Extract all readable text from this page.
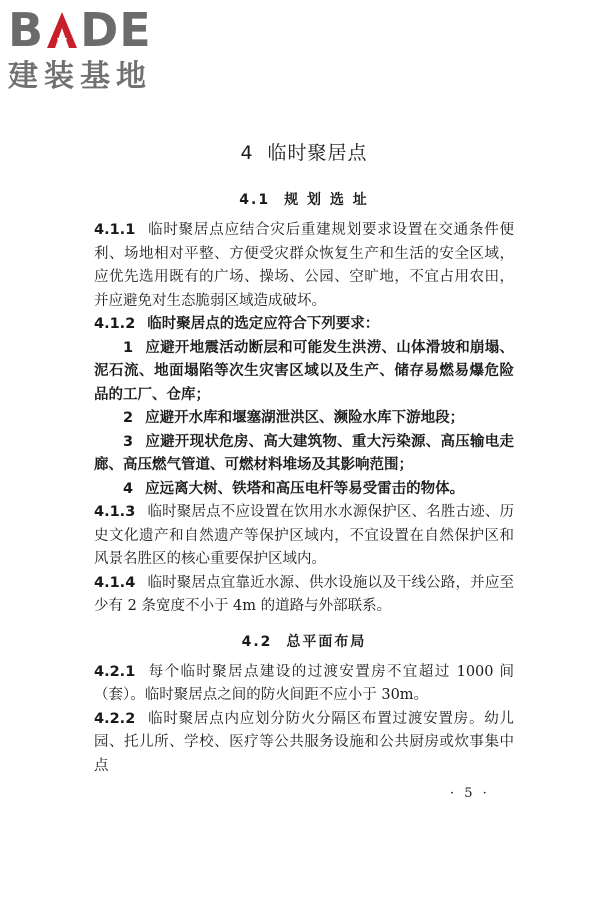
B DE
建装基地
4 临时聚居点
4.1 规 划 选 址

4.1.1 临时聚居点应结合灾后重建规划要求设置在交通条件便利、场地相对平整、方便受灾群众恢复生产和生活的安全区域，应优先选用既有的广场、操场、公园、空旷地，不宜占用农田，并应避免对生态脆弱区域造成破坏。

4.1.2 临时聚居点的选定应符合下列要求：

1 应避开地震活动断层和可能发生洪涝、山体滑坡和崩塌、泥石流、地面塌陷等次生灾害区域以及生产、储存易燃易爆危险品的工厂、仓库；

2 应避开水库和堰塞湖泄洪区、濒险水库下游地段；

3 应避开现状危房、高大建筑物、重大污染源、高压输电走廊、高压燃气管道、可燃材料堆场及其影响范围；

4 应远离大树、铁塔和高压电杆等易受雷击的物体。

4.1.3 临时聚居点不应设置在饮用水水源保护区、名胜古迹、历史文化遗产和自然遗产等保护区域内，不宜设置在自然保护区和风景名胜区的核心重要保护区域内。

4.1.4 临时聚居点宜靠近水源、供水设施以及干线公路，并应至少有 2 条宽度不小于 4m 的道路与外部联系。

4.2 总平面布局

4.2.1 每个临时聚居点建设的过渡安置房不宜超过 1000 间（套）。临时聚居点之间的防火间距不应小于 30m。

4.2.2 临时聚居点内应划分防火分隔区布置过渡安置房。幼儿园、托儿所、学校、医疗等公共服务设施和公共厨房或炊事集中点

· 5 ·
